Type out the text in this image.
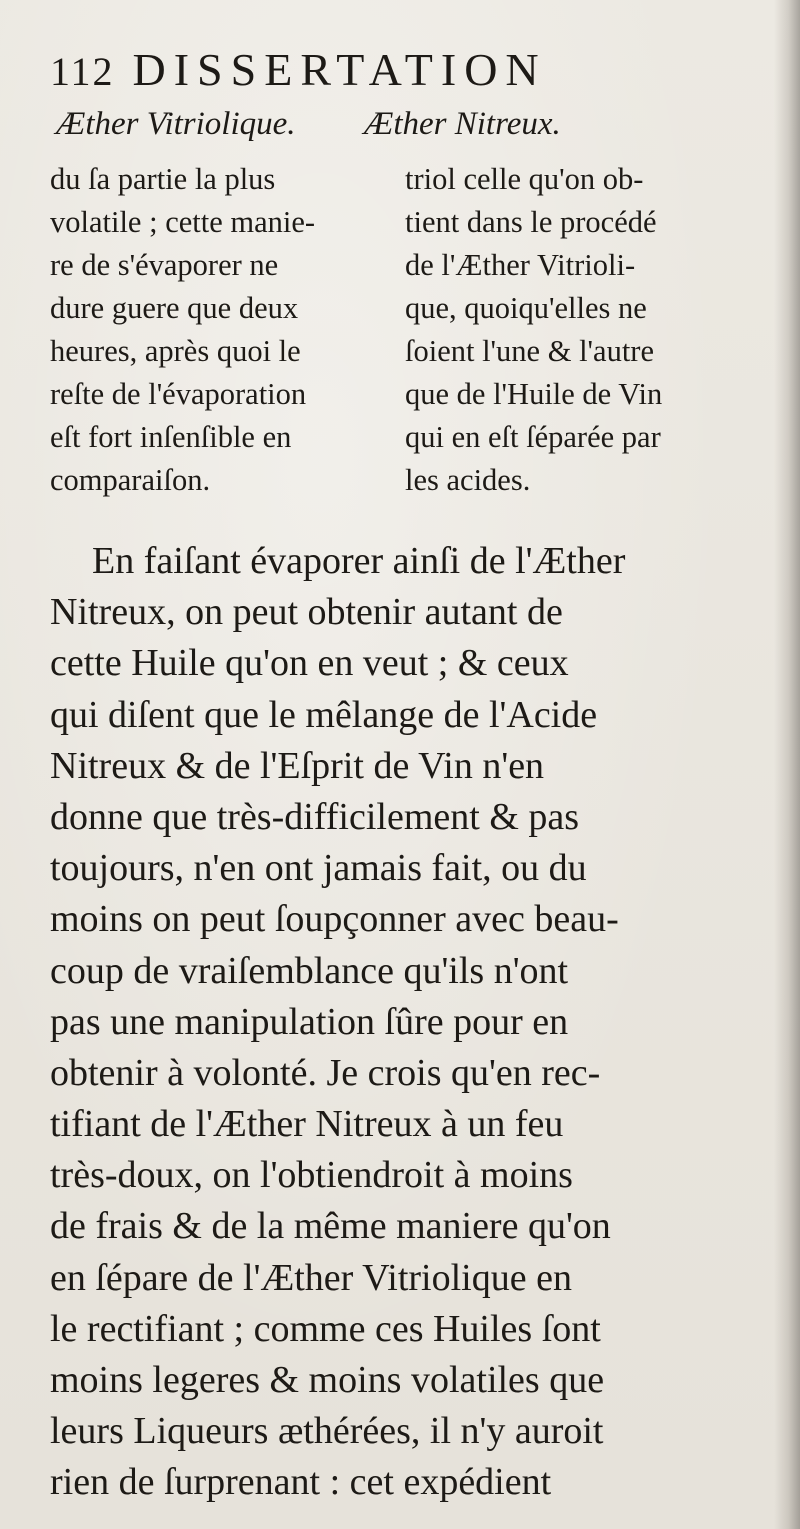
112 DISSERTATION
Æther Vitriolique. Æther Nitreux.
du ſa partie la plus
volatile ; cette manie-
re de s'évaporer ne
dure guere que deux
heures, après quoi le
reſte de l'évaporation
eſt fort inſenſible en
comparaiſon.
triol celle qu'on ob-
tient dans le procédé
de l'Æther Vitrioli-
que, quoiqu'elles ne
ſoient l'une & l'autre
que de l'Huile de Vin
qui en eſt ſéparée par
les acides.
En faiſant évaporer ainſi de l'Æther
Nitreux, on peut obtenir autant de
cette Huile qu'on en veut ; & ceux
qui diſent que le mêlange de l'Acide
Nitreux & de l'Eſprit de Vin n'en
donne que très-difficilement & pas
toujours, n'en ont jamais fait, ou du
moins on peut ſoupçonner avec beau-
coup de vraiſemblance qu'ils n'ont
pas une manipulation ſûre pour en
obtenir à volonté. Je crois qu'en rec-
tifiant de l'Æther Nitreux à un feu
très-doux, on l'obtiendroit à moins
de frais & de la même maniere qu'on
en ſépare de l'Æther Vitriolique en
le rectifiant ; comme ces Huiles ſont
moins legeres & moins volatiles que
leurs Liqueurs æthérées, il n'y auroit
rien de ſurprenant : cet expédient
